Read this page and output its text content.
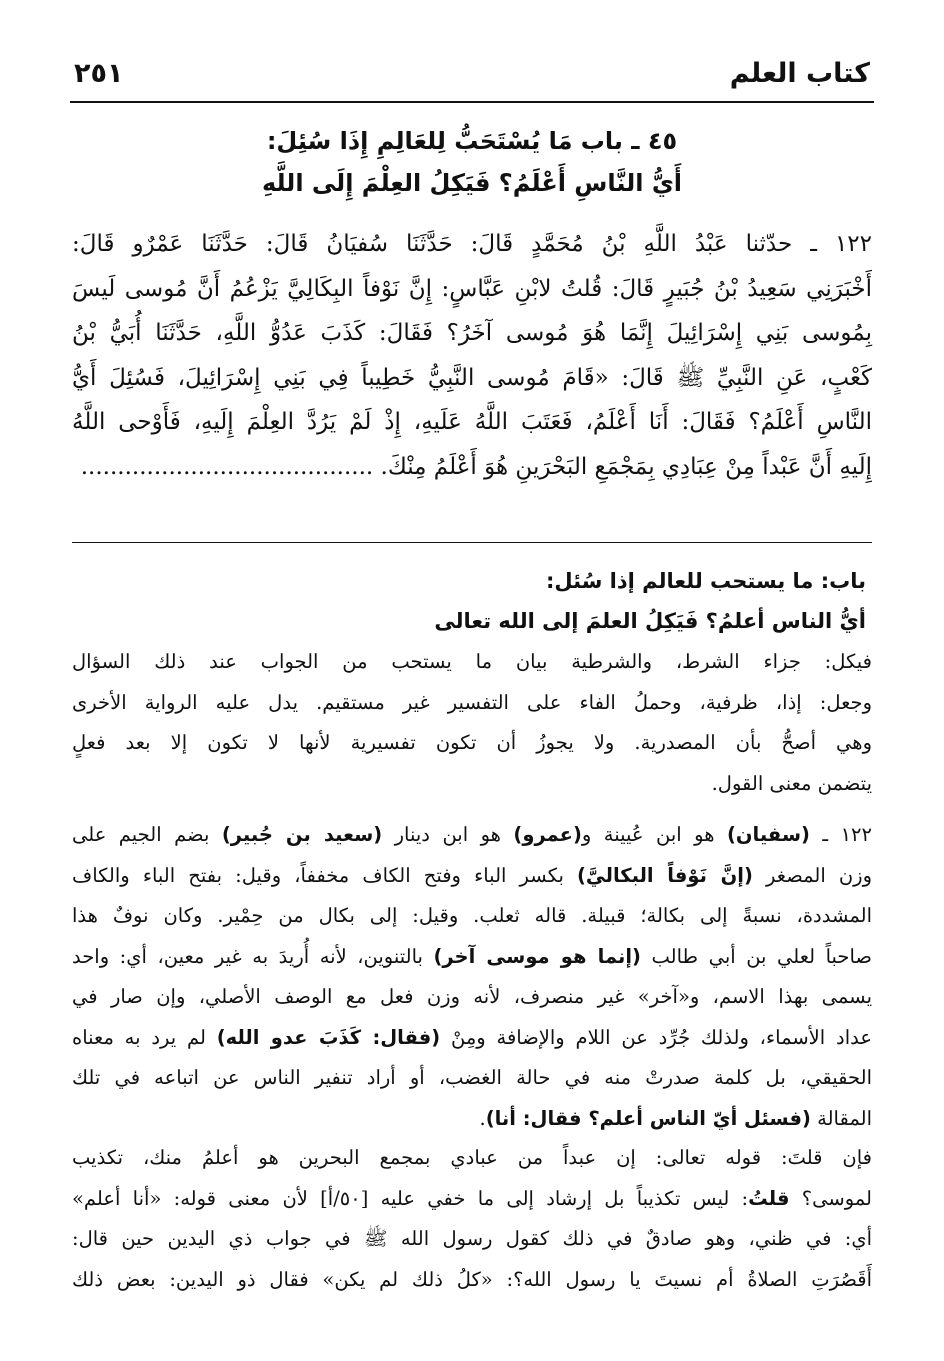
كتاب العلم
٢٥١
٤٥ ـ باب مَا يُسْتَحَبُّ لِلعَالِمِ إِذَا سُئِلَ:
أَيُّ النَّاسِ أَعْلَمُ؟ فَيَكِلُ العِلْمَ إِلَى اللَّهِ
١٢٢ ـ حدّثنا عَبْدُ اللَّهِ بْنُ مُحَمَّدٍ قَالَ: حَدَّثَنَا سُفيَانُ قَالَ: حَدَّثَنَا عَمْرٌو قَالَ:
أَخْبَرَنِي سَعِيدُ بْنُ جُبَيرٍ قَالَ: قُلتُ لابْنِ عَبَّاسٍ: إِنَّ نَوْفاً البِكَالِيَّ يَزْعُمُ أَنَّ مُوسى لَيسَ
بِمُوسى بَنِي إِسْرَائِيلَ إِنَّمَا هُوَ مُوسى آخَرُ؟ فَقَالَ: كَذَبَ عَدُوُّ اللَّهِ، حَدَّثَنَا أُبَيُّ بْنُ
كَعْبٍ، عَنِ النَّبِيِّ ﷺ قَالَ: «قَامَ مُوسى النَّبِيُّ خَطِيباً فِي بَنِي إِسْرَائِيلَ، فَسُئِلَ أَيُّ
النَّاسِ أَعْلَمُ؟ فَقَالَ: أَنَا أَعْلَمُ، فَعَتَبَ اللَّهُ عَلَيهِ، إِذْ لَمْ يَرُدَّ العِلْمَ إِلَيهِ، فَأَوْحى اللَّهُ
إِلَيهِ أَنَّ عَبْداً مِنْ عِبَادِي بِمَجْمَعِ البَحْرَينِ هُوَ أَعْلَمُ مِنْكَ. ........................................
باب: ما يستحب للعالم إذا سُئل:
أيُّ الناس أعلمُ؟ فَيَكِلُ العلمَ إلى الله تعالى
فيكل: جزاء الشرط، والشرطية بيان ما يستحب من الجواب عند ذلك السؤال
وجعل: إذا، ظرفية، وحملُ الفاء على التفسير غير مستقيم. يدل عليه الرواية الأخرى
وهي أصحُّ بأن المصدرية. ولا يجوزُ أن تكون تفسيرية لأنها لا تكون إلا بعد فعلٍ
يتضمن معنى القول.
١٢٢ ـ (سفيان) هو ابن عُيينة و(عمرو) هو ابن دينار (سعيد بن جُبير) بضم الجيم على
وزن المصغر (إنَّ نَوْفاً البكاليَّ) بكسر الباء وفتح الكاف مخففاً، وقيل: بفتح الباء والكاف
المشددة، نسبةً إلى بكالة؛ قبيلة. قاله ثعلب. وقيل: إلى بكال من حِمْير. وكان نوفٌ هذا
صاحباً لعلي بن أبي طالب (إنما هو موسى آخر) بالتنوين، لأنه أُريدَ به غير معين، أي: واحد
يسمى بهذا الاسم، و«آخر» غير منصرف، لأنه وزن فعل مع الوصف الأصلي، وإن صار في
عداد الأسماء، ولذلك جُرِّد عن اللام والإضافة ومِنْ (فقال: كَذَبَ عدو الله) لم يرد به معناه
الحقيقي، بل كلمة صدرتْ منه في حالة الغضب، أو أراد تنفير الناس عن اتباعه في تلك
المقالة (فسئل أيّ الناس أعلم؟ فقال: أنا).
فإن قلتَ: قوله تعالى: إن عبداً من عبادي بمجمع البحرين هو أعلمُ منك، تكذيب
لموسى؟ قلتُ: ليس تكذيباً بل إرشاد إلى ما خفي عليه [٥٠/أ] لأن معنى قوله: «أنا أعلم»
أي: في ظني، وهو صادقٌ في ذلك كقول رسول الله ﷺ في جواب ذي اليدين حين قال:
أَقَصُرَتِ الصلاةُ أم نسيتَ يا رسول الله؟: «كلُ ذلك لم يكن» فقال ذو اليدين: بعض ذلك
